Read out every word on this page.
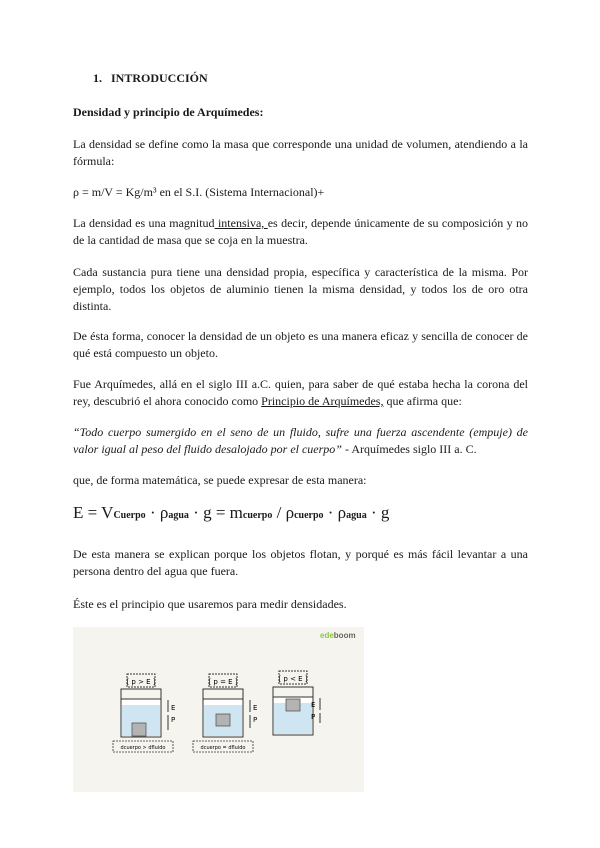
1. INTRODUCCIÓN
Densidad y principio de Arquímedes:
La densidad se define como la masa que corresponde una unidad de volumen, atendiendo a la fórmula:
ρ = m/V = Kg/m³ en el S.I. (Sistema Internacional)+
La densidad es una magnitud intensiva, es decir, depende únicamente de su composición y no de la cantidad de masa que se coja en la muestra.
Cada sustancia pura tiene una densidad propia, específica y característica de la misma. Por ejemplo, todos los objetos de aluminio tienen la misma densidad, y todos los de oro otra distinta.
De ésta forma, conocer la densidad de un objeto es una manera eficaz y sencilla de conocer de qué está compuesto un objeto.
Fue Arquímedes, allá en el siglo III a.C. quien, para saber de qué estaba hecha la corona del rey, descubrió el ahora conocido como Principio de Arquímedes, que afirma que:
“Todo cuerpo sumergido en el seno de un fluido, sufre una fuerza ascendente (empuje) de valor igual al peso del fluido desalojado por el cuerpo” - Arquímedes siglo III a. C.
que, de forma matemática, se puede expresar de esta manera:
E = VCuerpo · ρagua · g = mcuerpo / ρcuerpo · ρagua · g
De esta manera se explican porque los objetos flotan, y porqué es más fácil levantar a una persona dentro del agua que fuera.
Éste es el principio que usaremos para medir densidades.
edeboom
[ p > E ]
E
P
dcuerpo > dfluido
[ p = E ]
E
P
dcuerpo = dfluido
[ p < E ]
E
P
